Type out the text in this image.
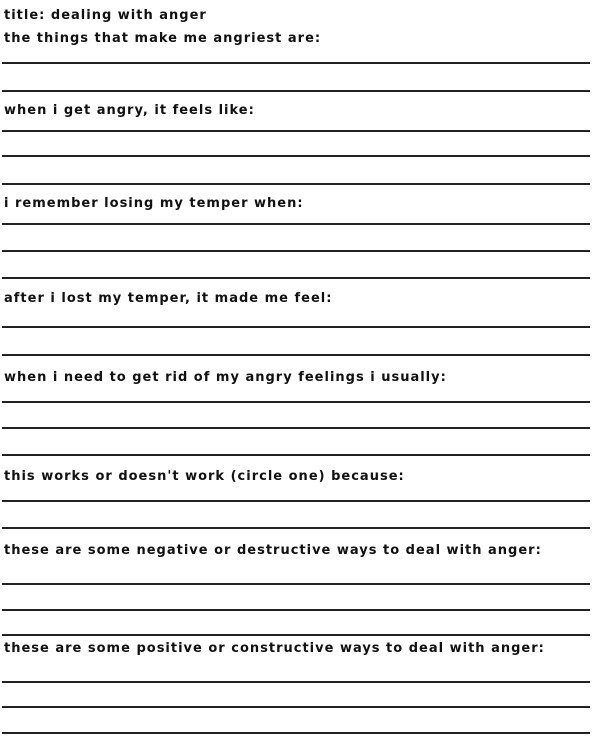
title: dealing with anger

the things that make me angriest are:

when i get angry, it feels like:

i remember losing my temper when:

after i lost my temper, it made me feel:

when i need to get rid of my angry feelings i usually:

this works or doesn't work (circle one) because:

these are some negative or destructive ways to deal with anger:

these are some positive or constructive ways to deal with anger:
